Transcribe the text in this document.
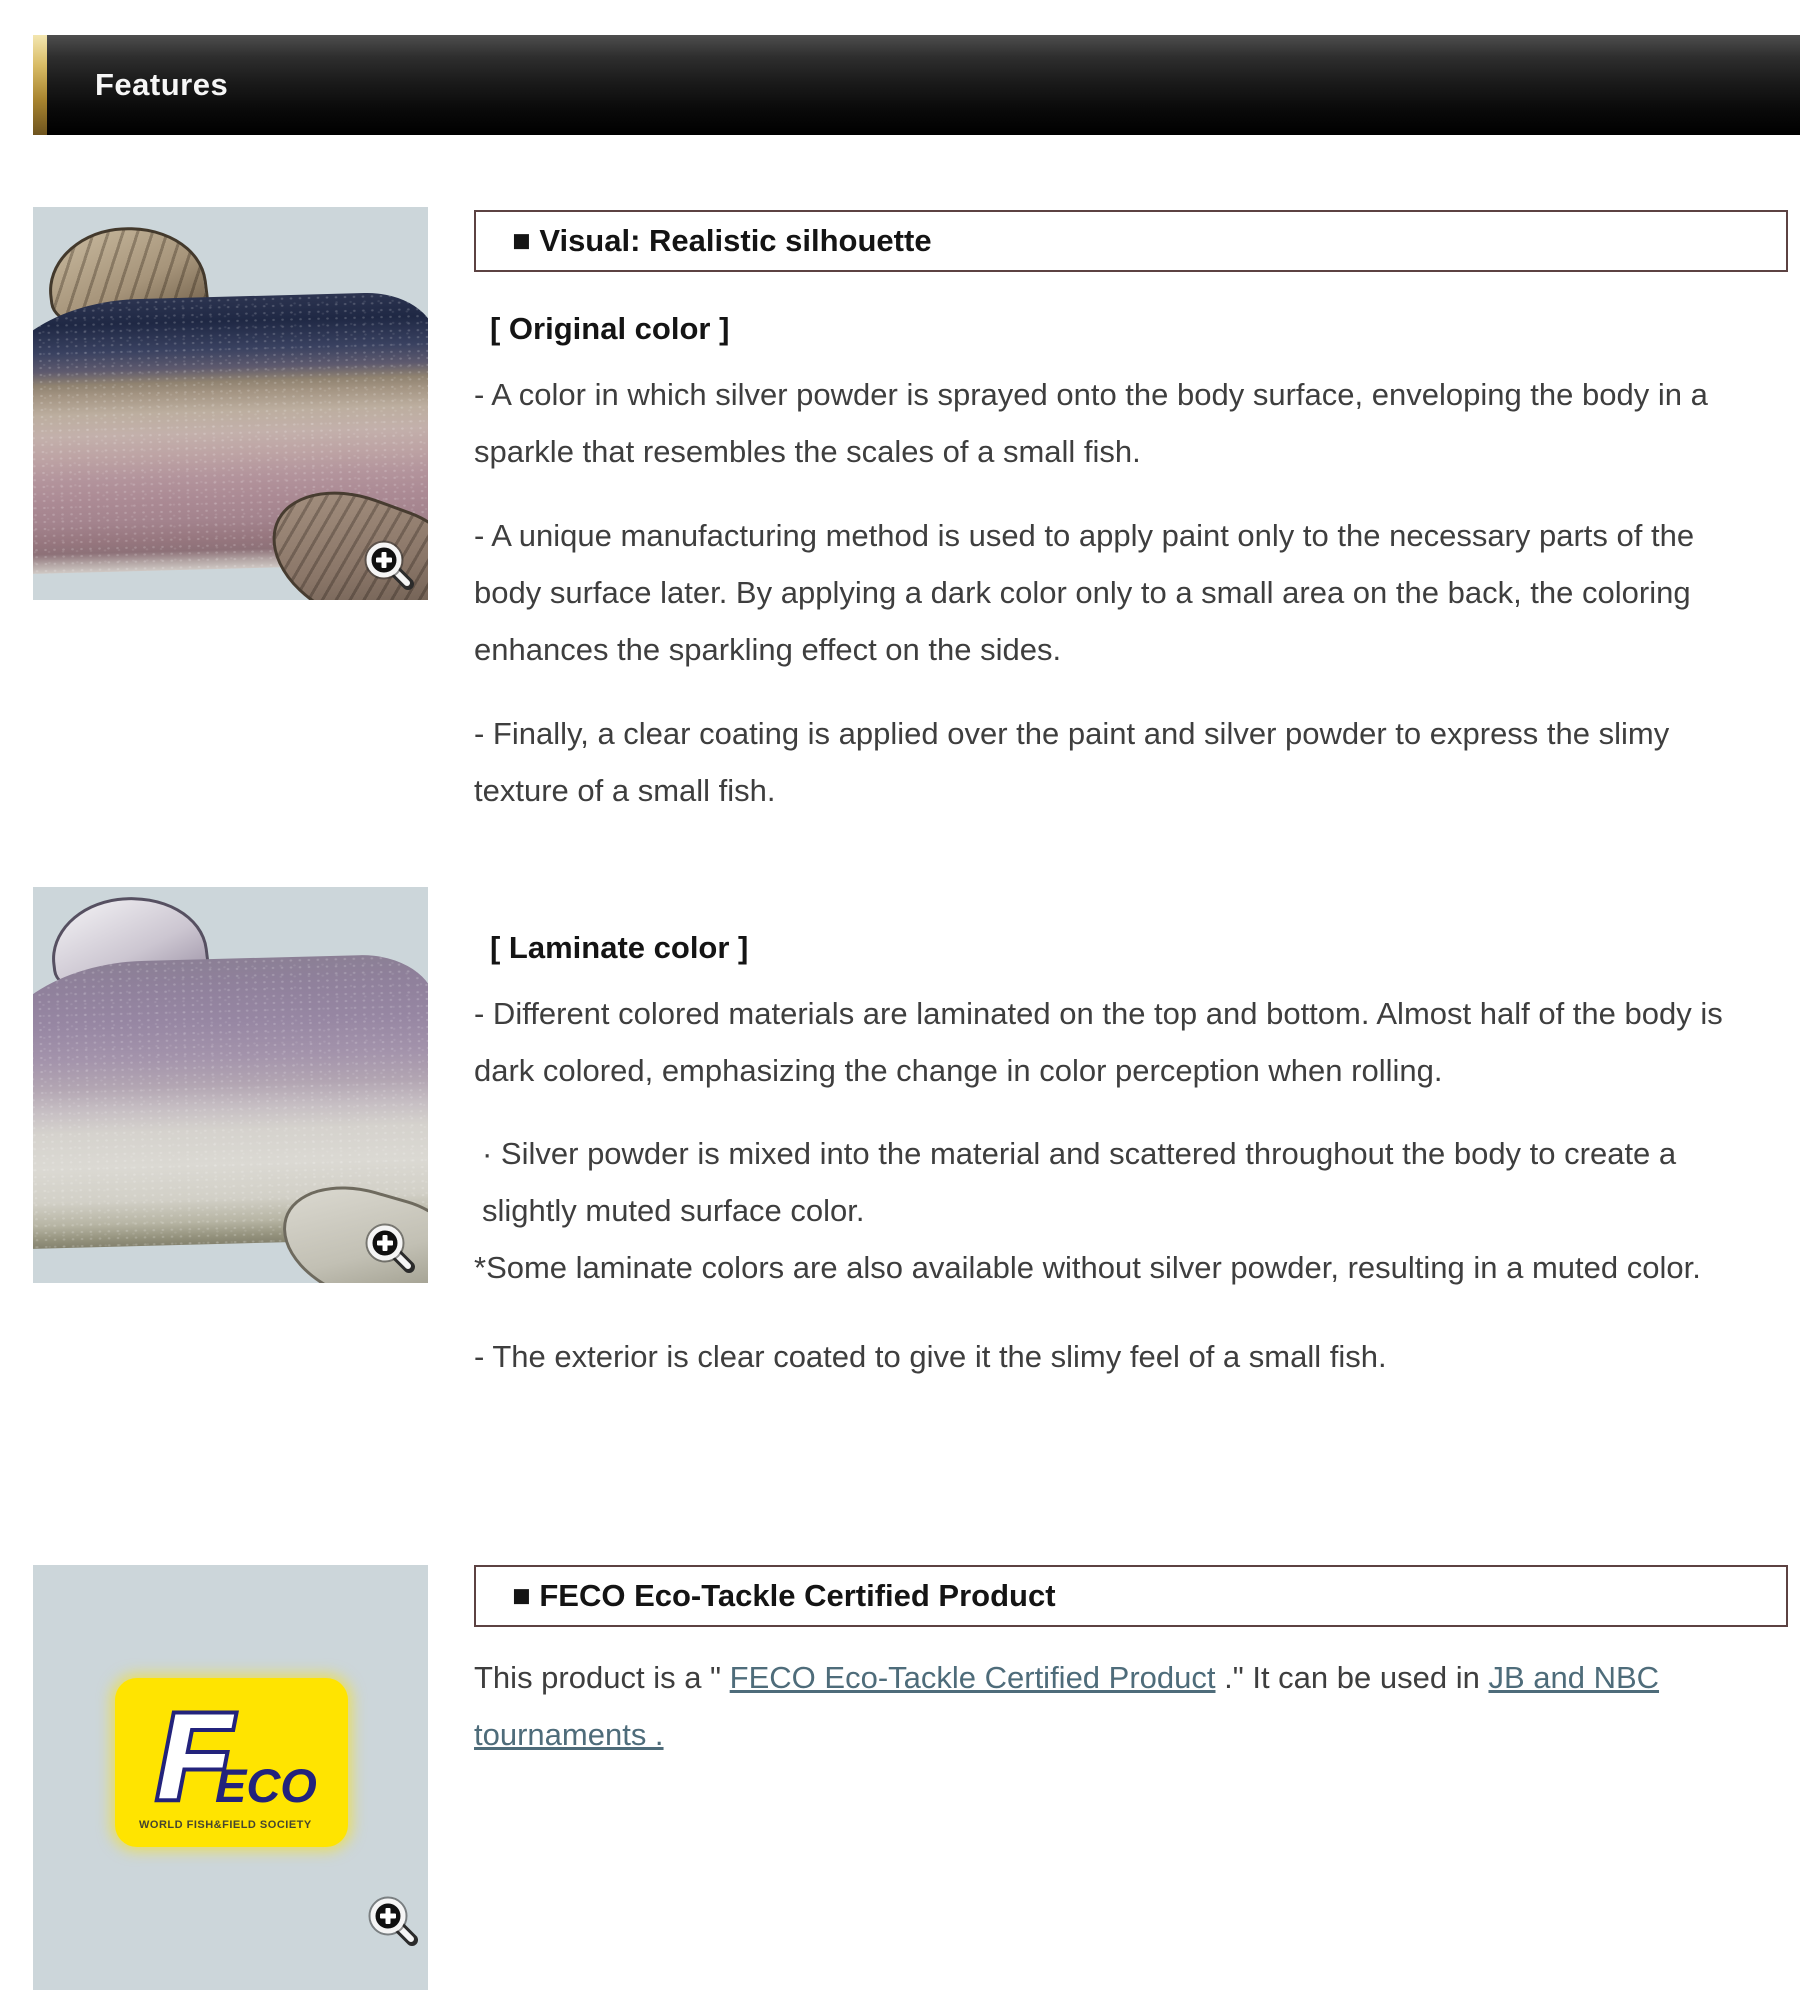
Features
■ Visual: Realistic silhouette
[ Original color ]
- A color in which silver powder is sprayed onto the body surface, enveloping the body in a sparkle that resembles the scales of a small fish.
- A unique manufacturing method is used to apply paint only to the necessary parts of the body surface later. By applying a dark color only to a small area on the back, the coloring enhances the sparkling effect on the sides.
- Finally, a clear coating is applied over the paint and silver powder to express the slimy texture of a small fish.
[ Laminate color ]
- Different colored materials are laminated on the top and bottom. Almost half of the body is dark colored, emphasizing the change in color perception when rolling.
· Silver powder is mixed into the material and scattered throughout the body to create a slightly muted surface color.
*Some laminate colors are also available without silver powder, resulting in a muted color.
- The exterior is clear coated to give it the slimy feel of a small fish.
F
ECO
WORLD FISH&FIELD SOCIETY
■ FECO Eco-Tackle Certified Product
This product is a " FECO Eco-Tackle Certified Product ." It can be used in JB and NBC tournaments .
